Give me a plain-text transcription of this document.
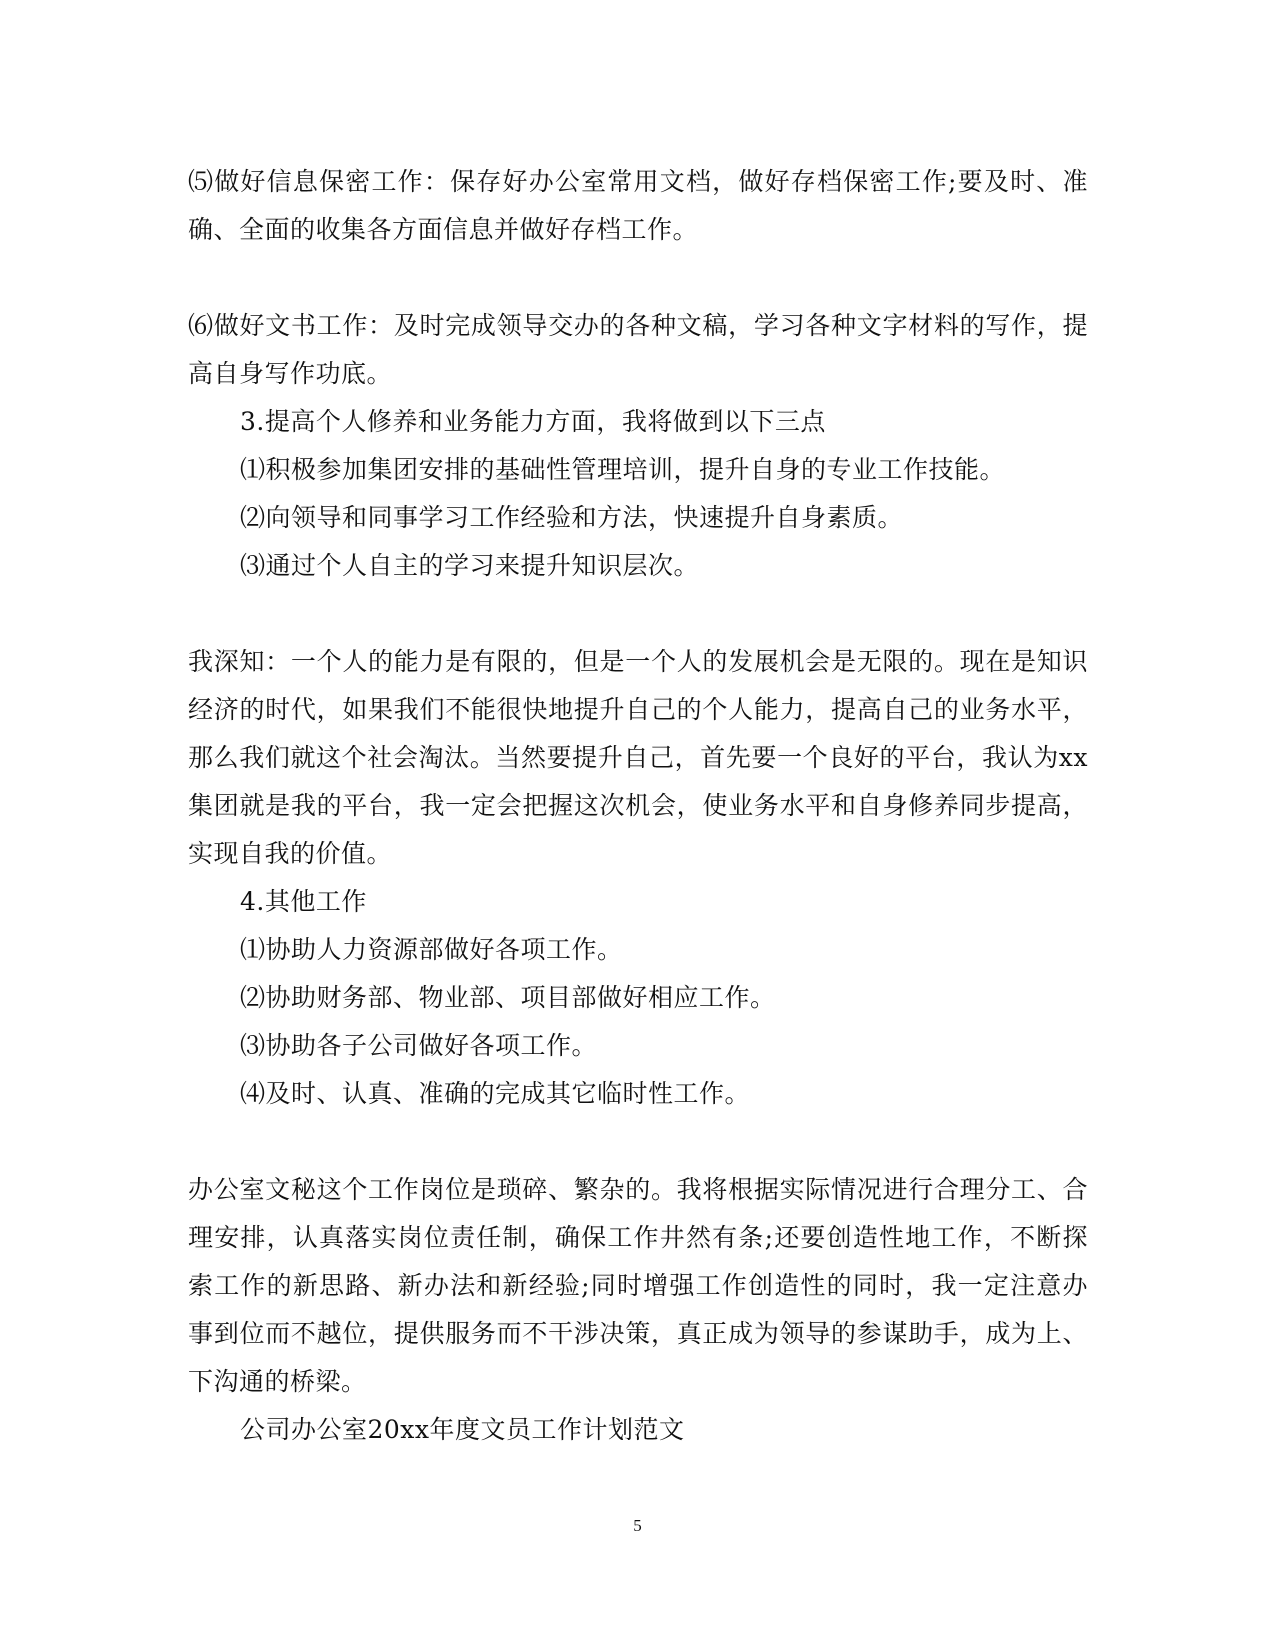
⑸做好信息保密工作：保存好办公室常用文档，做好存档保密工作;要及时、准确、全面的收集各方面信息并做好存档工作。

⑹做好文书工作：及时完成领导交办的各种文稿，学习各种文字材料的写作，提高自身写作功底。

3.提高个人修养和业务能力方面，我将做到以下三点

⑴积极参加集团安排的基础性管理培训，提升自身的专业工作技能。

⑵向领导和同事学习工作经验和方法，快速提升自身素质。

⑶通过个人自主的学习来提升知识层次。

我深知：一个人的能力是有限的，但是一个人的发展机会是无限的。现在是知识经济的时代，如果我们不能很快地提升自己的个人能力，提高自己的业务水平，那么我们就这个社会淘汰。当然要提升自己，首先要一个良好的平台，我认为xx集团就是我的平台，我一定会把握这次机会，使业务水平和自身修养同步提高，实现自我的价值。

4.其他工作

⑴协助人力资源部做好各项工作。

⑵协助财务部、物业部、项目部做好相应工作。

⑶协助各子公司做好各项工作。

⑷及时、认真、准确的完成其它临时性工作。

办公室文秘这个工作岗位是琐碎、繁杂的。我将根据实际情况进行合理分工、合理安排，认真落实岗位责任制，确保工作井然有条;还要创造性地工作，不断探索工作的新思路、新办法和新经验;同时增强工作创造性的同时，我一定注意办事到位而不越位，提供服务而不干涉决策，真正成为领导的参谋助手，成为上、下沟通的桥梁。

公司办公室20xx年度文员工作计划范文

5
